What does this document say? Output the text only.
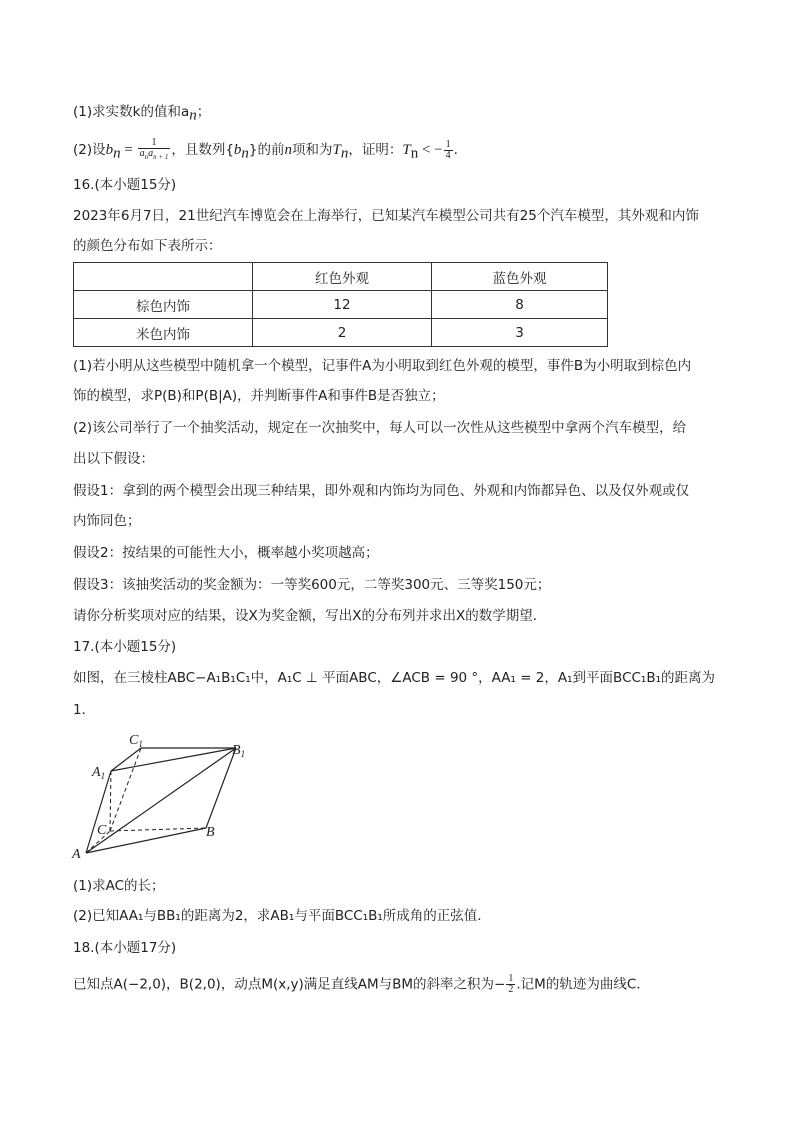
(1)求实数k的值和$a_n$；
(2)设$b_n = \frac{1}{a_na_{n + 1}}$ ，且数列$\{b_n\}$的前n项和为$T_n$，证明：$T_n$ < − $\frac{1}{4}$ .
16.(本小题15分)
2023年6月7日，21世纪汽车博览会在上海举行，已知某汽车模型公司共有25个汽车模型，其外观和内饰
的颜色分布如下表所示：
	红色外观	蓝色外观
棕色内饰	12	8
米色内饰	2	3
(1)若小明从这些模型中随机拿一个模型，记事件A为小明取到红色外观的模型，事件B为小明取到棕色内
饰的模型，求P(B)和P(B|A)，并判断事件A和事件B是否独立；
(2)该公司举行了一个抽奖活动，规定在一次抽奖中，每人可以一次性从这些模型中拿两个汽车模型，给
出以下假设：
假设1：拿到的两个模型会出现三种结果，即外观和内饰均为同色、外观和内饰都异色、以及仅外观或仅
内饰同色；
假设2：按结果的可能性大小，概率越小奖项越高；
假设3：该抽奖活动的奖金额为：一等奖600元，二等奖300元、三等奖150元；
请你分析奖项对应的结果，设X为奖金额，写出X的分布列并求出X的数学期望．
17.(本小题15分)
如图，在三棱柱ABC−A₁B₁C₁中，A₁C ⊥ 平面ABC，∠ACB = 90 °，AA₁ = 2，A₁到平面BCC₁B₁的距离为
1．
$C_1$	$B_1$
$A_1$
C	B
A
(1)求AC的长；
(2)已知AA₁与BB₁的距离为2，求AB₁与平面BCC₁B₁所成角的正弦值．
18.(本小题17分)
已知点A(−2,0)，B(2,0)，动点M(x,y)满足直线AM与BM的斜率之积为− $\frac{1}{2}$ .记M的轨迹为曲线C．
